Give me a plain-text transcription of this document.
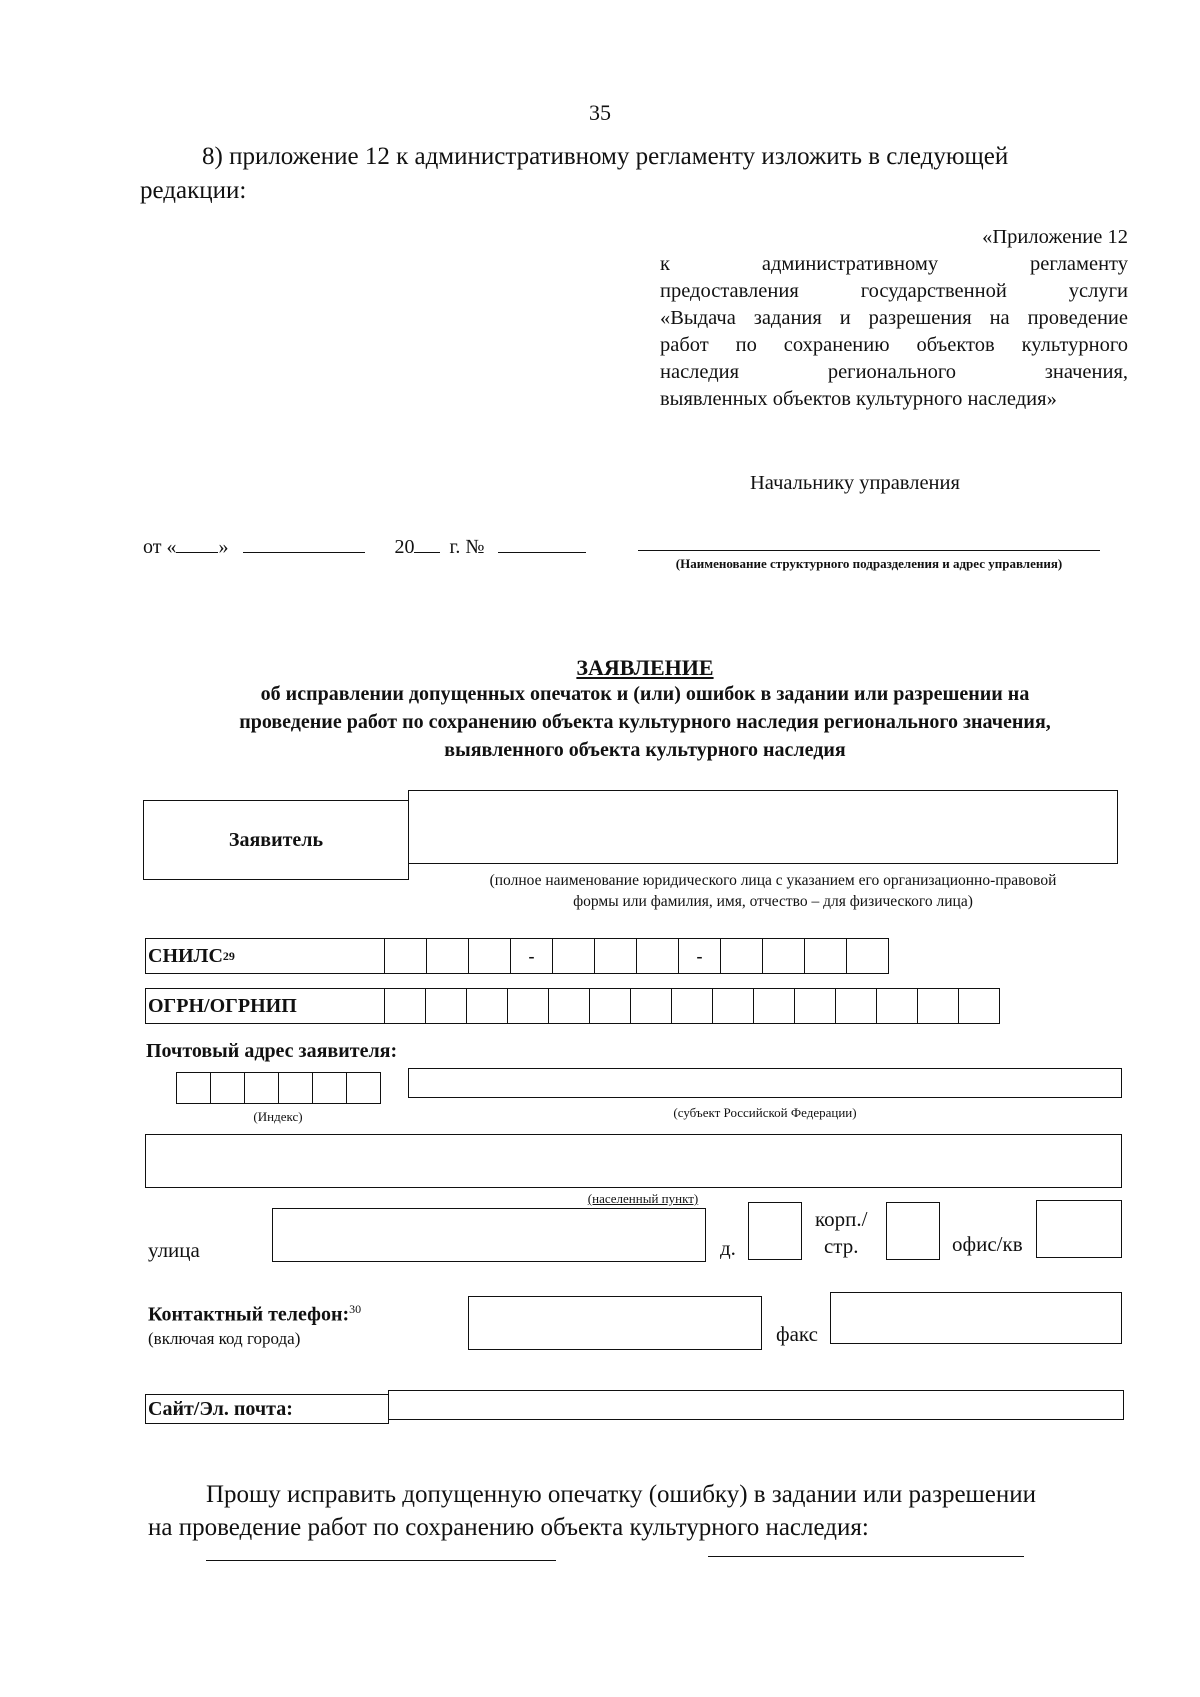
35
8) приложение 12 к административному регламенту изложить в следующей
редакции:
«Приложение 12
к административному регламенту
предоставления государственной услуги
«Выдача задания и разрешения на проведение
работ по сохранению объектов культурного
наследия регионального значения,
выявленных объектов культурного наследия»
Начальнику управления
от « »	20 г. №
(Наименование структурного подразделения и адрес управления)
ЗАЯВЛЕНИЕ
об исправлении допущенных опечаток и (или) ошибок в задании или разрешении на
проведение работ по сохранению объекта культурного наследия регионального значения,
выявленного объекта культурного наследия
Заявитель
(полное наименование юридического лица с указанием его организационно-правовой
формы или фамилия, имя, отчество – для физического лица)
СНИЛС 29	-	-
ОГРН/ОГРНИП
Почтовый адрес заявителя:
(Индекс)	(субъект Российской Федерации)
(населенный пункт)
улица	д.
корп./
стр.	офис/кв
Контактный телефон:$^{30}$
(включая код города)	факс
Сайт/Эл. почта:
Прошу исправить допущенную опечатку (ошибку) в задании или разрешении
на проведение работ по сохранению объекта культурного наследия:
